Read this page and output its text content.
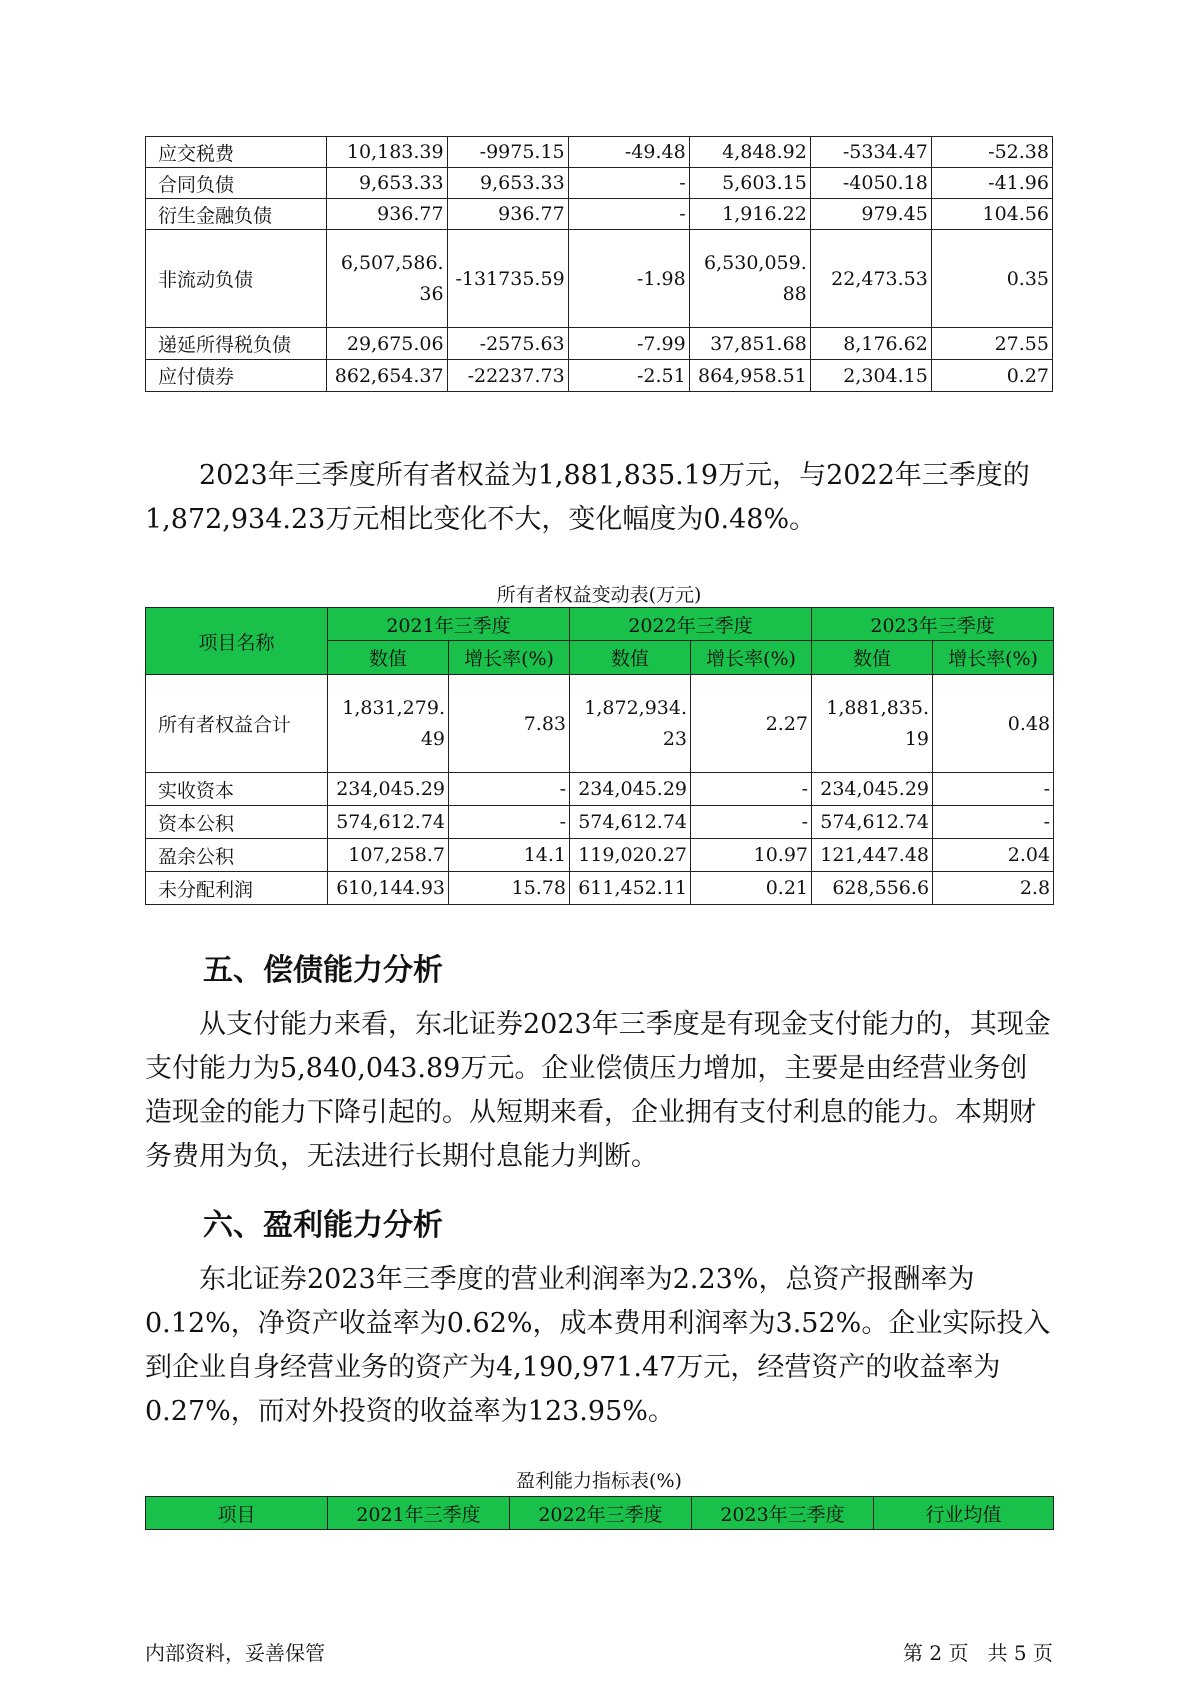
应交税费	10,183.39	-9975.15	-49.48	4,848.92	-5334.47	-52.38
合同负债	9,653.33	9,653.33	-	5,603.15	-4050.18	-41.96
衍生金融负债	936.77	936.77	-	1,916.22	979.45	104.56
非流动负债	6,507,586.36	-131735.59	-1.98	6,530,059.88	22,473.53	0.35
递延所得税负债	29,675.06	-2575.63	-7.99	37,851.68	8,176.62	27.55
应付债券	862,654.37	-22237.73	-2.51	864,958.51	2,304.15	0.27

2023年三季度所有者权益为1,881,835.19万元，与2022年三季度的1,872,934.23万元相比变化不大，变化幅度为0.48%。

所有者权益变动表(万元)
项目名称	2021年三季度		2022年三季度		2023年三季度	
	数值	增长率(%)	数值	增长率(%)	数值	增长率(%)
所有者权益合计	1,831,279.49	7.83	1,872,934.23	2.27	1,881,835.19	0.48
实收资本	234,045.29	-	234,045.29	-	234,045.29	-
资本公积	574,612.74	-	574,612.74	-	574,612.74	-
盈余公积	107,258.7	14.1	119,020.27	10.97	121,447.48	2.04
未分配利润	610,144.93	15.78	611,452.11	0.21	628,556.6	2.8
五、偿债能力分析

从支付能力来看，东北证券2023年三季度是有现金支付能力的，其现金支付能力为5,840,043.89万元。企业偿债压力增加，主要是由经营业务创造现金的能力下降引起的。从短期来看，企业拥有支付利息的能力。本期财务费用为负，无法进行长期付息能力判断。

六、盈利能力分析

东北证券2023年三季度的营业利润率为2.23%，总资产报酬率为0.12%，净资产收益率为0.62%，成本费用利润率为3.52%。企业实际投入到企业自身经营业务的资产为4,190,971.47万元，经营资产的收益率为0.27%，而对外投资的收益率为123.95%。

盈利能力指标表(%)
项目	2021年三季度	2022年三季度	2023年三季度	行业均值
内部资料，妥善保管	第 2 页   共 5 页
